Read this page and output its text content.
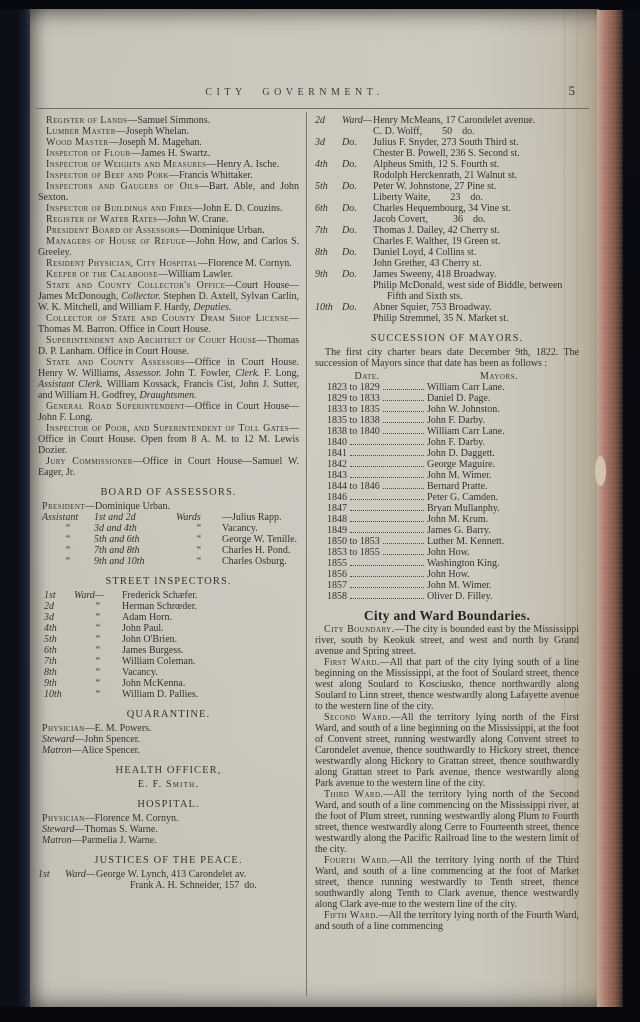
CITY GOVERNMENT.	5

Register of Lands—Samuel Simmons.

Lumber Master—Joseph Whelan.

Wood Master—Joseph M. Magehan.

Inspector of Flour—James H. Swartz.

Inspector of Weights and Measures—Henry A. Ische.

Inspector of Beef and Pork—Francis Whittaker.

Inspectors and Gaugers of Oils—Bart. Able, and John Sexton.

Inspector of Buildings and Fires—John E. D. Couzins.

Register of Water Rates—John W. Crane.

President Board of Assessors—Dominique Urban.

Managers of House of Refuge—John How, and Carlos S. Greeley.

Resident Physician, City Hospital—Florence M. Cornyn.

Keeper of the Calaboose—William Lawler.

State and County Collector's Office—Court House—James McDonough, Collector. Stephen D. Axtell, Sylvan Carlin, W. K. Mitchell, and William F. Hardy, Deputies.

Collector of State and County Dram Shop License—Thomas M. Barron. Office in Court House.

Superintendent and Architect of Court House—Thomas D. P. Lanham. Office in Court House.

State and County Assessors—Office in Court House. Henry W. Williams, Assessor. John T. Fowler, Clerk. F. Long, Assistant Clerk. William Kossack, Francis Cist, John J. Sutter, and William H. Godfrey, Draughtsmen.

General Road Superintendent—Office in Court House—John F. Long.

Inspector of Poor, and Superintendent of Toll Gates—Office in Court House. Open from 8 A. M. to 12 M. Lewis Dozier.

Jury Commissioner—Office in Court House—Samuel W. Eager, Jr.

BOARD OF ASSESSORS.

President—Dominique Urban.

Assistant	1st and 2d	Wards	—Julius Rapp.
“	3d and 4th	“	Vacancy.
“	5th and 6th	“	George W. Tenille.
“	7th and 8th	“	Charles H. Pond.
“	9th and 10th	“	Charles Osburg.
STREET INSPECTORS.
1st	Ward—	Frederick Schæfer.
2d	“	Herman Schrœder.
3d	“	Adam Horn.
4th	“	John Paul.
5th	“	John O'Brien.
6th	“	James Burgess.
7th	“	William Coleman.
8th	“	Vacancy.
9th	“	John McKenna.
10th	“	William D. Pallies.
QUARANTINE.

Physician—E. M. Powers.

Steward—John Spencer.

Matron—Alice Spencer.

HEALTH OFFICER,
E. F. Smith.
HOSPITAL.

Physician—Florence M. Cornyn.

Steward—Thomas S. Warne.

Matron—Parmelia J. Warne.

JUSTICES OF THE PEACE.
1st Ward— George W. Lynch, 413 Carondelet av.
Frank A. H. Schneider, 157 do.
2d Ward— Henry McMeans, 17 Carondelet avenue.
C. D. Wolff,    50  do.
3d Do.	Julius F. Snyder, 273 South Third st.
Chester B. Powell, 236 S. Second st.
4th Do.	Alpheus Smith, 12 S. Fourth st.
Rodolph Herckenrath, 21 Walnut st.
5th Do.	Peter W. Johnstone, 27 Pine st.
Liberty Waite,    23  do.
6th Do.	Charles Hequembourg, 34 Vine st.
Jacob Covert,     36  do.
7th Do.	Thomas J. Dailey, 42 Cherry st.
Charles F. Walther, 19 Green st.
8th Do.	Daniel Loyd, 4 Collins st.
John Grether, 43 Cherry st.
9th Do.	James Sweeny, 418 Broadway.
Philip McDonald, west side of Biddle, between Fifth and Sixth sts.
10th Do.	Abner Squier, 753 Broadway.
Philip Stremmel, 35 N. Market st.
SUCCESSION OF MAYORS.

The first city charter bears date December 9th, 1822. The succession of Mayors since that date has been as follows :

Date.	Mayors.
1823 to 1829	William Carr Lane.
1829 to 1833	Daniel D. Page.
1833 to 1835	John W. Johnston.
1835 to 1838	John F. Darby.
1838 to 1840	William Carr Lane.
1840	John F. Darby.
1841	John D. Daggett.
1842	George Maguire.
1843	John M. Wimer.
1844 to 1846	Bernard Pratte.
1846	Peter G. Camden.
1847	Bryan Mullanphy.
1848	John M. Krum.
1849	James G. Barry.
1850 to 1853	Luther M. Kennett.
1853 to 1855	John How.
1855	Washington King.
1856	John How.
1857	John M. Wimer.
1858	Oliver D. Filley.
City and Ward Boundaries.

City Boundary.—The city is bounded east by the Mississippi river, south by Keokuk street, and west and north by Grand avenue and Spring street.

First Ward.—All that part of the city lying south of a line beginning on the Mississippi, at the foot of Soulard street, thence west along Soulard to Kosciusko, thence northwardly along Soulard to Linn street, thence westwardly along Lafayette avenue to the western line of the city.

Second Ward.—All the territory lying north of the First Ward, and south of a line beginning on the Mississippi, at the foot of Convent street, running westwardly along Convent street to Carondelet avenue, thence southwardly to Hickory street, thence westwardly along Hickory to Grattan street, thence southwardly along Grattan street to Park avenue, thence westwardly along Park avenue to the western line of the city.

Third Ward.—All the territory lying north of the Second Ward, and south of a line commencing on the Mississippi river, at the foot of Plum street, running westwardly along Plum to Fourth street, thence westwardly along Cerre to Fourteenth street, thence westwardly along the Pacific Railroad line to the western limit of the city.

Fourth Ward.—All the territory lying north of the Third Ward, and south of a line commencing at the foot of Market street, thence running westwardly to Tenth street, thence southwardly along Tenth to Clark avenue, thence westwardly along Clark ave-nue to the western line of the city.

Fifth Ward.—All the territory lying north of the Fourth Ward, and south of a line commencing
